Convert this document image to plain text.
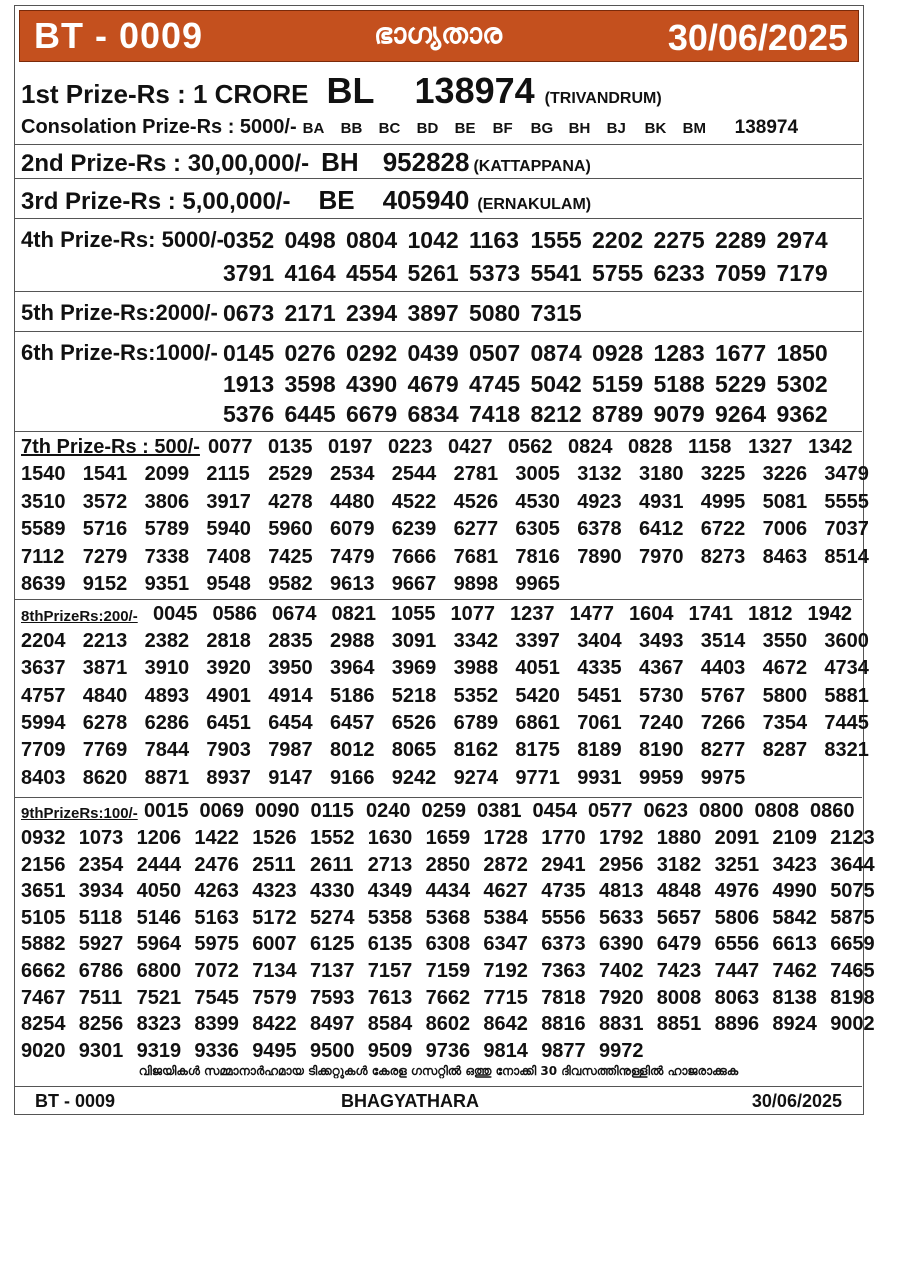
BT - 0009	ഭാഗ്യതാര	30/06/2025
1st Prize-Rs : 1 CRORE BL 138974 (TRIVANDRUM)
Consolation Prize-Rs : 5000/- BA	BB	BC	BD	BE	BF	BG	BH	BJ	BK	BM	138974
2nd Prize-Rs : 30,00,000/- BH 952828 (KATTAPPANA)
3rd Prize-Rs : 5,00,000/- BE 405940 (ERNAKULAM)
4th Prize-Rs: 5000/- 0352 0498 0804 1042 1163 1555 2202 2275 2289 2974
3791 4164 4554 5261 5373 5541 5755 6233 7059 7179
5th Prize-Rs:2000/- 0673 2171 2394 3897 5080 7315
6th Prize-Rs:1000/- 0145 0276 0292 0439 0507 0874 0928 1283 1677 1850
1913 3598 4390 4679 4745 5042 5159 5188 5229 5302
5376 6445 6679 6834 7418 8212 8789 9079 9264 9362
7th Prize-Rs : 500/- 0077 0135 0197 0223 0427 0562 0824 0828 1158 1327 1342
1540 1541 2099 2115 2529 2534 2544 2781 3005 3132 3180 3225 3226 3479
3510 3572 3806 3917 4278 4480 4522 4526 4530 4923 4931 4995 5081 5555
5589 5716 5789 5940 5960 6079 6239 6277 6305 6378 6412 6722 7006 7037
7112 7279 7338 7408 7425 7479 7666 7681 7816 7890 7970 8273 8463 8514
8639 9152 9351 9548 9582 9613 9667 9898 9965
8thPrizeRs:200/- 0045 0586 0674 0821 1055 1077 1237 1477 1604 1741 1812 1942
2204 2213 2382 2818 2835 2988 3091 3342 3397 3404 3493 3514 3550 3600
3637 3871 3910 3920 3950 3964 3969 3988 4051 4335 4367 4403 4672 4734
4757 4840 4893 4901 4914 5186 5218 5352 5420 5451 5730 5767 5800 5881
5994 6278 6286 6451 6454 6457 6526 6789 6861 7061 7240 7266 7354 7445
7709 7769 7844 7903 7987 8012 8065 8162 8175 8189 8190 8277 8287 8321
8403 8620 8871 8937 9147 9166 9242 9274 9771 9931 9959 9975
9thPrizeRs:100/- 0015 0069 0090 0115 0240 0259 0381 0454 0577 0623 0800 0808 0860
0932 1073 1206 1422 1526 1552 1630 1659 1728 1770 1792 1880 2091 2109 2123
2156 2354 2444 2476 2511 2611 2713 2850 2872 2941 2956 3182 3251 3423 3644
3651 3934 4050 4263 4323 4330 4349 4434 4627 4735 4813 4848 4976 4990 5075
5105 5118 5146 5163 5172 5274 5358 5368 5384 5556 5633 5657 5806 5842 5875
5882 5927 5964 5975 6007 6125 6135 6308 6347 6373 6390 6479 6556 6613 6659
6662 6786 6800 7072 7134 7137 7157 7159 7192 7363 7402 7423 7447 7462 7465
7467 7511 7521 7545 7579 7593 7613 7662 7715 7818 7920 8008 8063 8138 8198
8254 8256 8323 8399 8422 8497 8584 8602 8642 8816 8831 8851 8896 8924 9002
9020 9301 9319 9336 9495 9500 9509 9736 9814 9877 9972
വിജയികൾ സമ്മാനാർഹമായ ടിക്കറ്റുകൾ കേരള ഗസറ്റിൽ ഒത്തു നോക്കി 30 ദിവസത്തിനുള്ളിൽ ഹാജരാക്കുക
BT - 0009	BHAGYATHARA	30/06/2025
